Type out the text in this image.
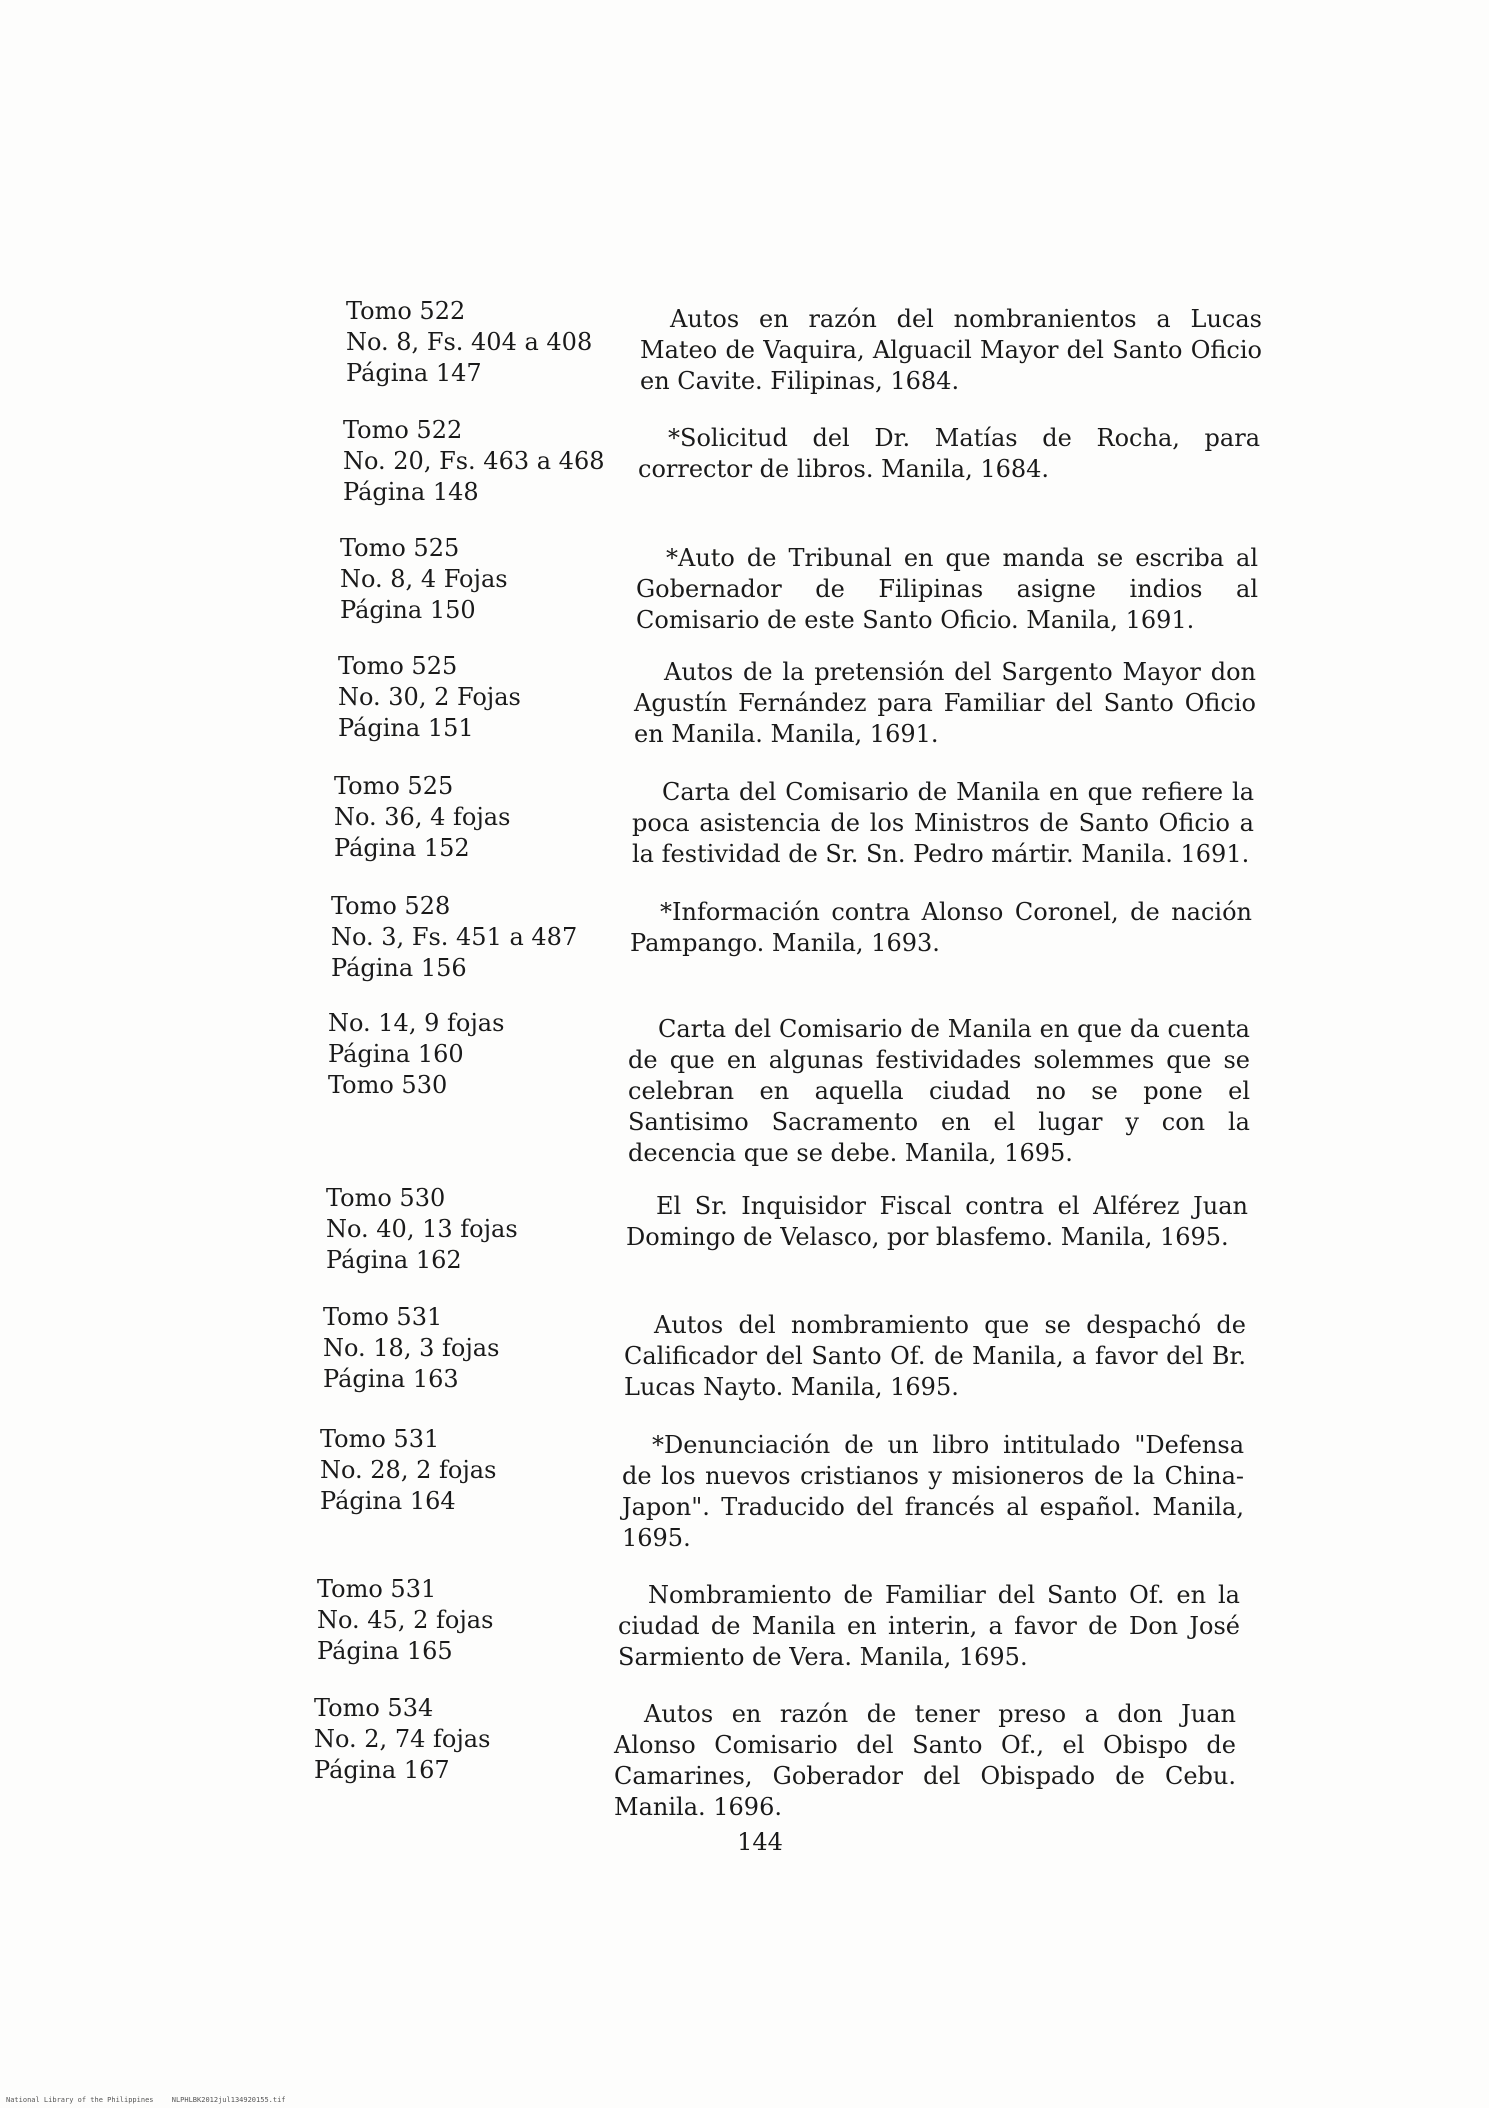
Tomo 522
No. 8, Fs. 404 a 408
Página 147
Autos en razón del nombranientos a Lucas Mateo de Vaquira, Alguacil Mayor del Santo Oficio en Cavite. Filipinas, 1684.
Tomo 522
No. 20, Fs. 463 a 468
Página 148
*Solicitud del Dr. Matías de Rocha, para corrector de libros. Manila, 1684.
Tomo 525
No. 8, 4 Fojas
Página 150
*Auto de Tribunal en que manda se escriba al Gobernador de Filipinas asigne indios al Comisario de este Santo Oficio. Manila, 1691.
Tomo 525
No. 30, 2 Fojas
Página 151
Autos de la pretensión del Sargento Mayor don Agustín Fernández para Familiar del Santo Oficio en Manila. Manila, 1691.
Tomo 525
No. 36, 4 fojas
Página 152
Carta del Comisario de Manila en que refiere la poca asistencia de los Ministros de Santo Oficio a la festividad de Sr. Sn. Pedro mártir. Manila. 1691.
Tomo 528
No. 3, Fs. 451 a 487
Página 156
*Información contra Alonso Coronel, de nación Pampango. Manila, 1693.
No. 14, 9 fojas
Página 160
Tomo 530
Carta del Comisario de Manila en que da cuenta de que en algunas festividades solemmes que se celebran en aquella ciudad no se pone el Santisimo Sacramento en el lugar y con la decencia que se debe. Manila, 1695.
Tomo 530
No. 40, 13 fojas
Página 162
El Sr. Inquisidor Fiscal contra el Alférez Juan Domingo de Velasco, por blasfemo. Manila, 1695.
Tomo 531
No. 18, 3 fojas
Página 163
Autos del nombramiento que se despachó de Calificador del Santo Of. de Manila, a favor del Br. Lucas Nayto. Manila, 1695.
Tomo 531
No. 28, 2 fojas
Página 164
*Denunciación de un libro intitulado "Defensa de los nuevos cristianos y misioneros de la China-Japon". Traducido del francés al español. Manila, 1695.
Tomo 531
No. 45, 2 fojas
Página 165
Nombramiento de Familiar del Santo Of. en la ciudad de Manila en interin, a favor de Don José Sarmiento de Vera. Manila, 1695.
Tomo 534
No. 2, 74 fojas
Página 167
Autos en razón de tener preso a don Juan Alonso Comisario del Santo Of., el Obispo de Camarines, Goberador del Obispado de Cebu. Manila. 1696.
144
National Library of the Philippines	NLPHLBK2012jul134920155.tif
